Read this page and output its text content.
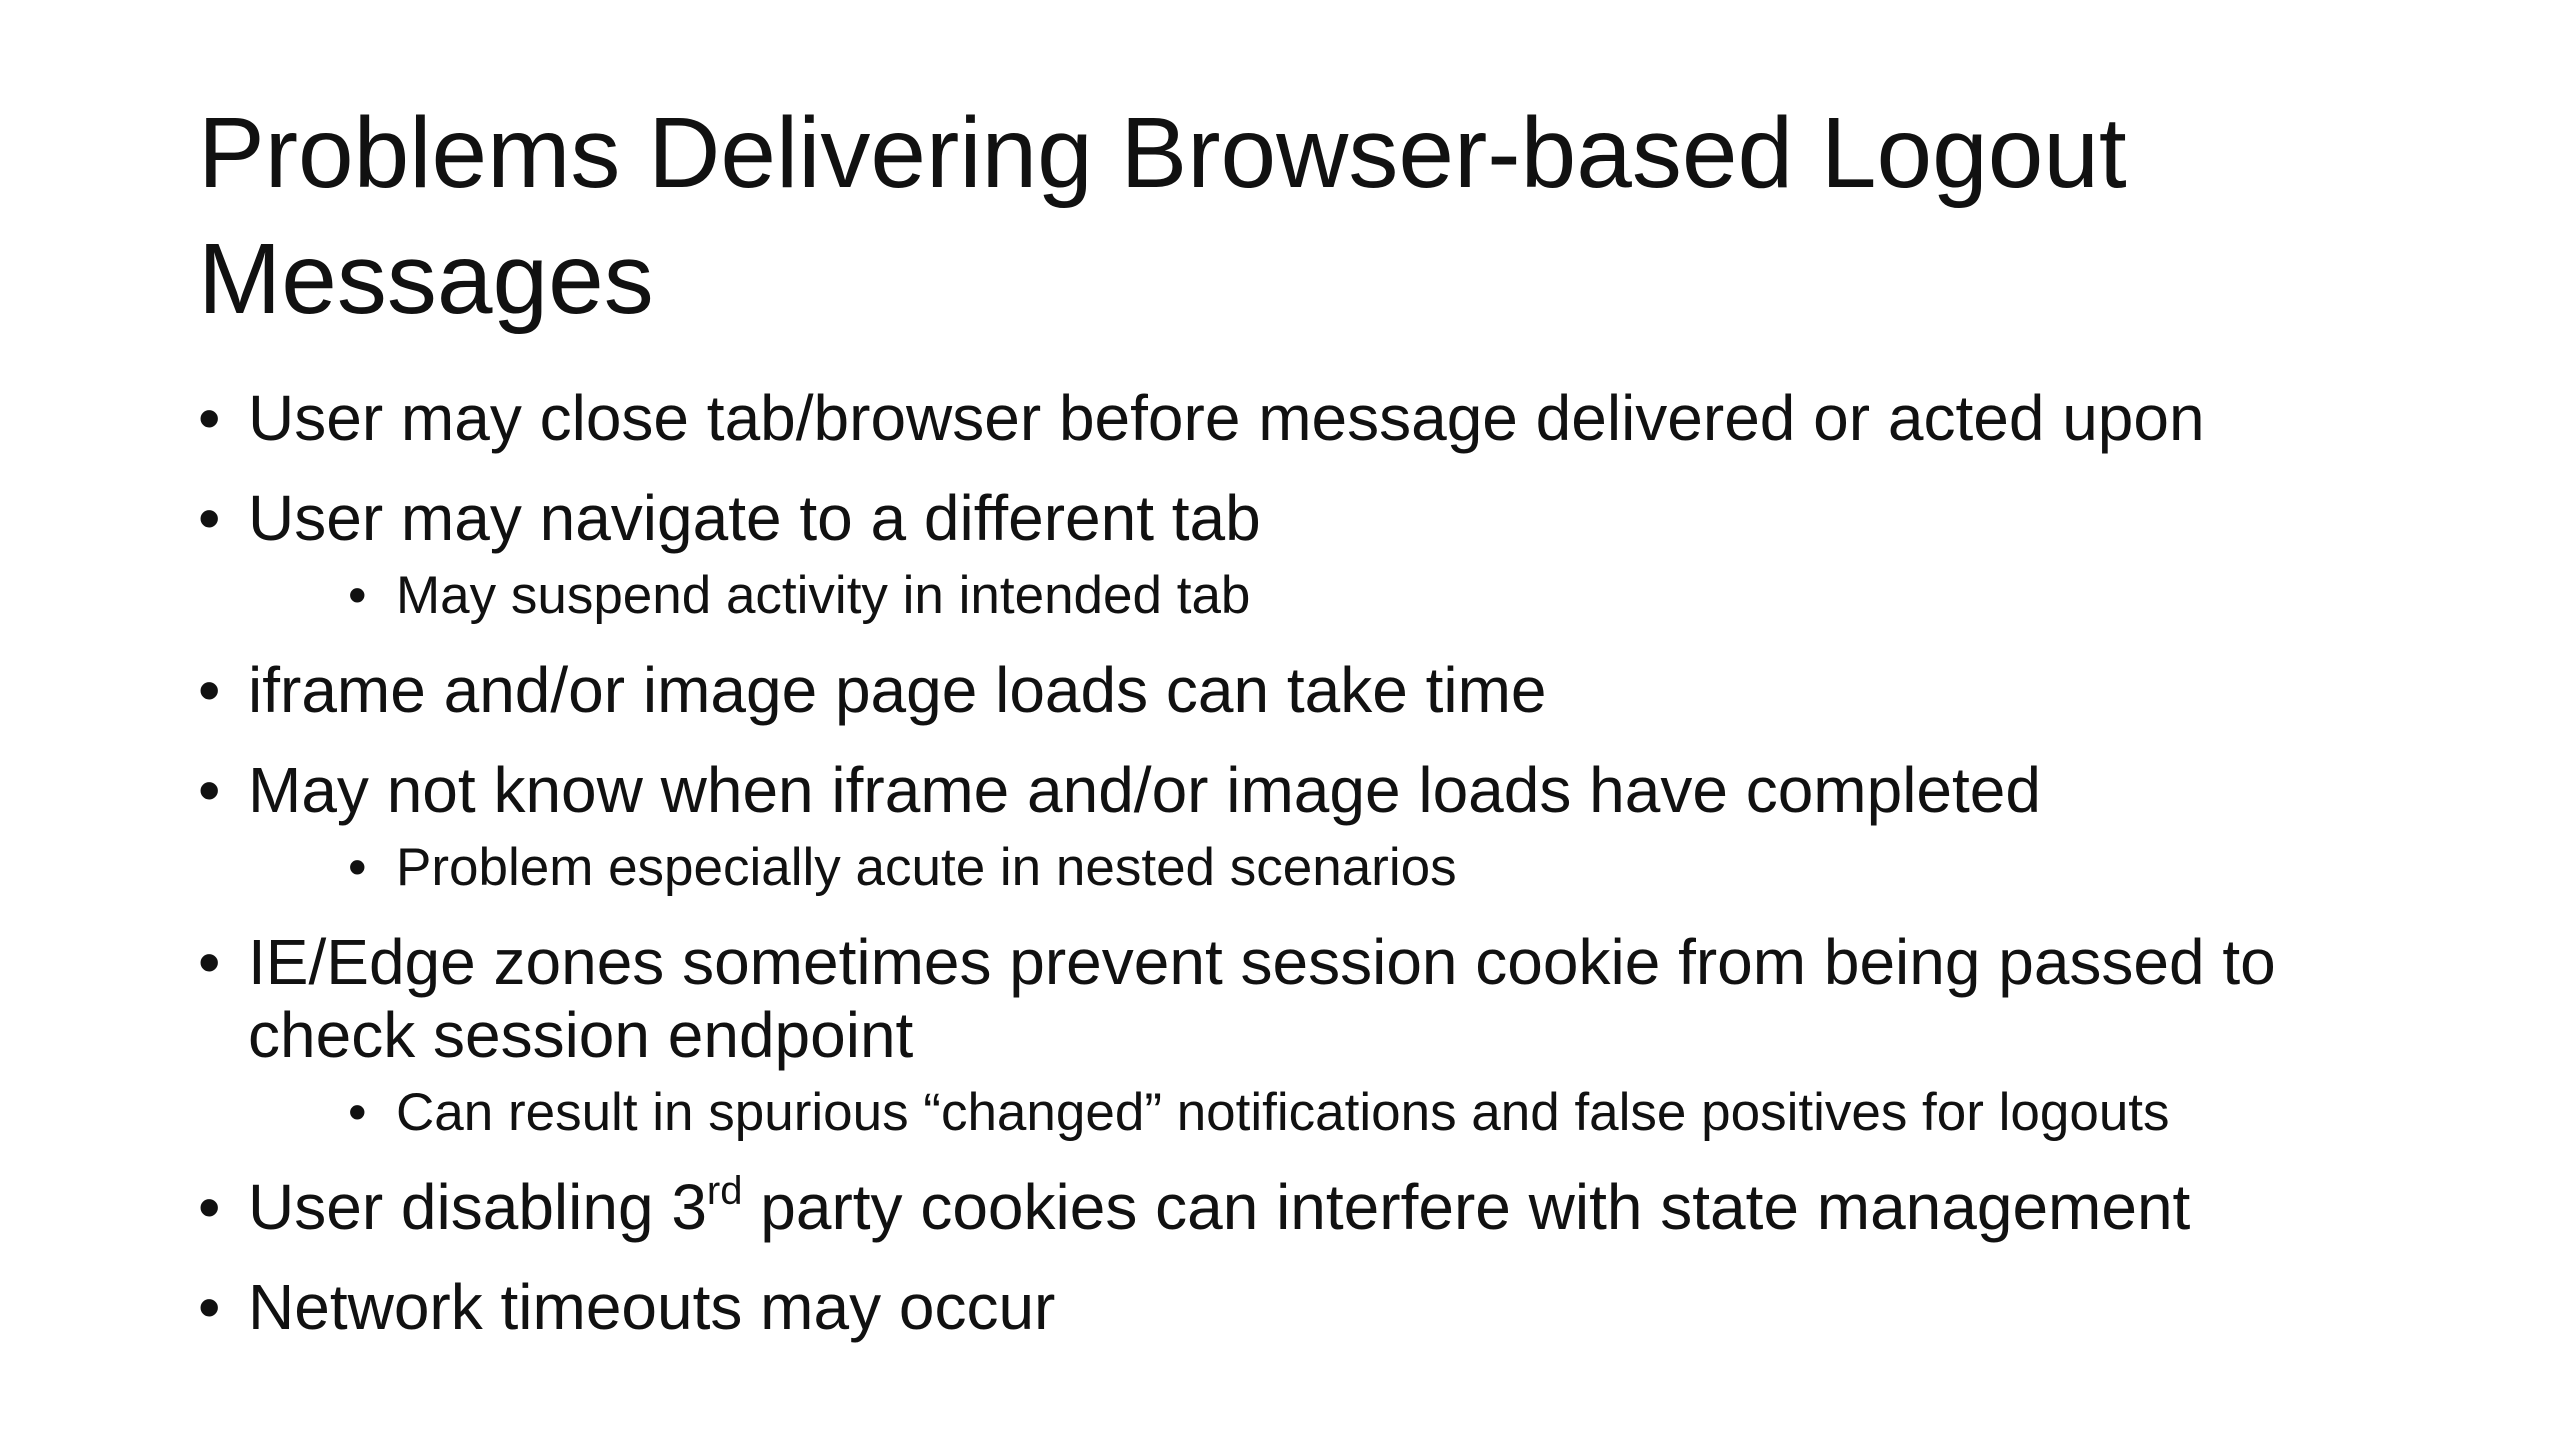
Problems Delivering Browser-based Logout Messages
• User may close tab/browser before message delivered or acted upon
• User may navigate to a different tab
• May suspend activity in intended tab
• iframe and/or image page loads can take time
• May not know when iframe and/or image loads have completed
• Problem especially acute in nested scenarios
• IE/Edge zones sometimes prevent session cookie from being passed to check session endpoint
• Can result in spurious “changed” notifications and false positives for logouts
• User disabling 3rd party cookies can interfere with state management
• Network timeouts may occur
